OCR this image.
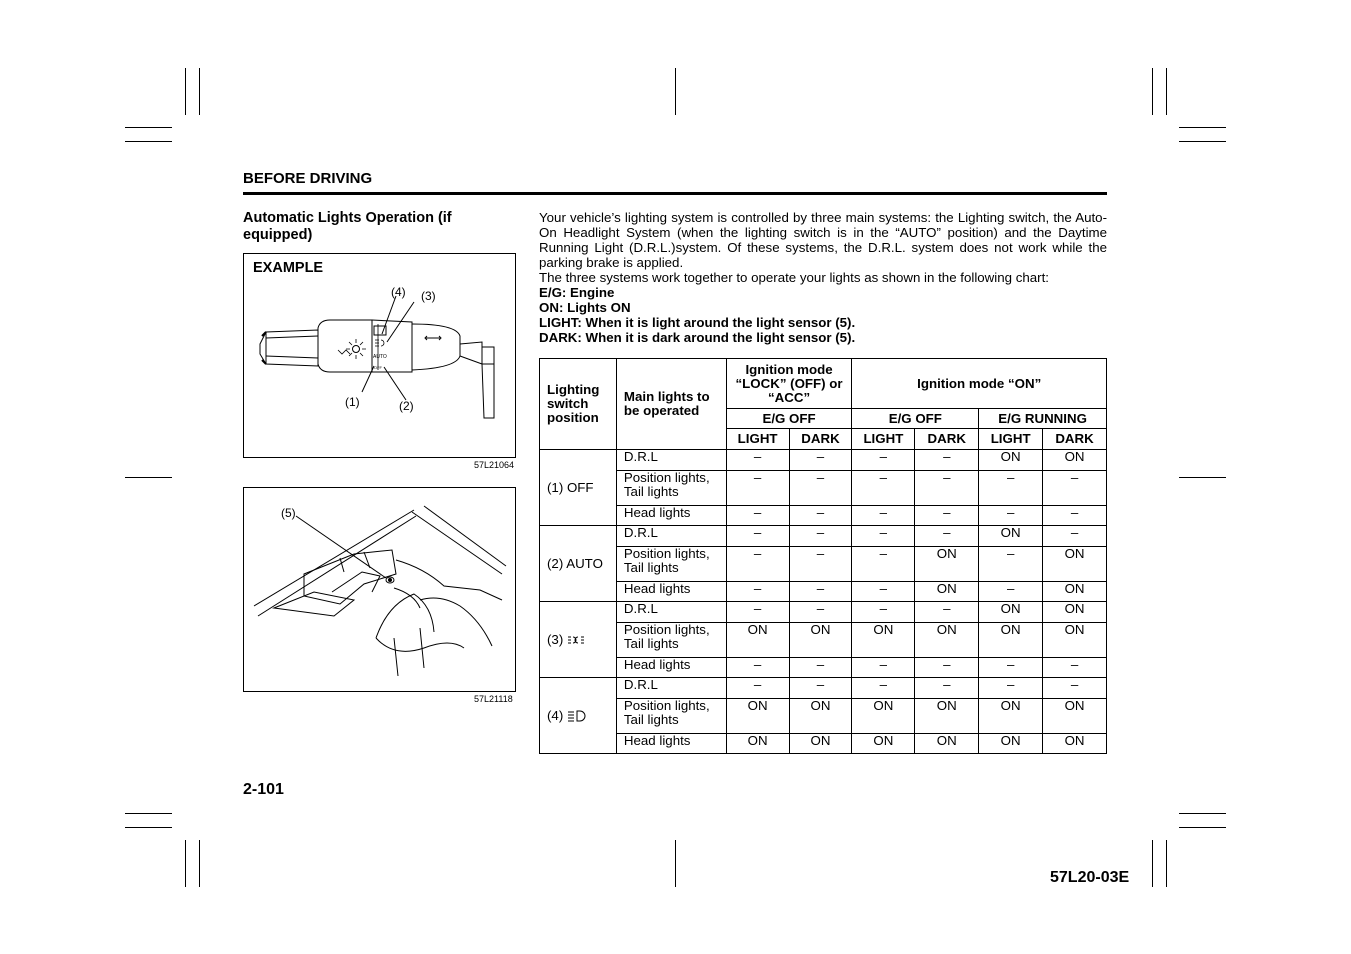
BEFORE DRIVING
Automatic Lights Operation (if equipped)
EXAMPLE
AUTO
OFF
(4) (3)
(1)	(2)
57L21064
(5)
57L21118

Your vehicle’s lighting system is controlled by three main systems: the Lighting switch, the Auto-On Headlight System (when the lighting switch is in the “AUTO” position) and the Daytime Running Light (D.R.L.)system. Of these systems, the D.R.L. system does not work while the parking brake is applied.

The three systems work together to operate your lights as shown in the following chart:

E/G: Engine

ON: Lights ON

LIGHT: When it is light around the light sensor (5).

DARK: When it is dark around the light sensor (5).

Lighting switch position	Main lights to be operated	Ignition mode “LOCK” (OFF) or “ACC”		Ignition mode “ON”			
		E/G OFF		E/G OFF		E/G RUNNING	
		LIGHT	DARK	LIGHT	DARK	LIGHT	DARK
(1) OFF	D.R.L	–	–	–	–	ON	ON
	Position lights, Tail lights	–	–	–	–	–	–
	Head lights	–	–	–	–	–	–
(2) AUTO	D.R.L	–	–	–	–	ON	–
	Position lights, Tail lights	–	–	–	ON	–	ON
	Head lights	–	–	–	ON	–	ON
(3)	D.R.L	–	–	–	–	ON	ON
	Position lights, Tail lights	ON	ON	ON	ON	ON	ON
	Head lights	–	–	–	–	–	–
(4)	D.R.L	–	–	–	–	–	–
	Position lights, Tail lights	ON	ON	ON	ON	ON	ON
	Head lights	ON	ON	ON	ON	ON	ON
2-101
57L20-03E
